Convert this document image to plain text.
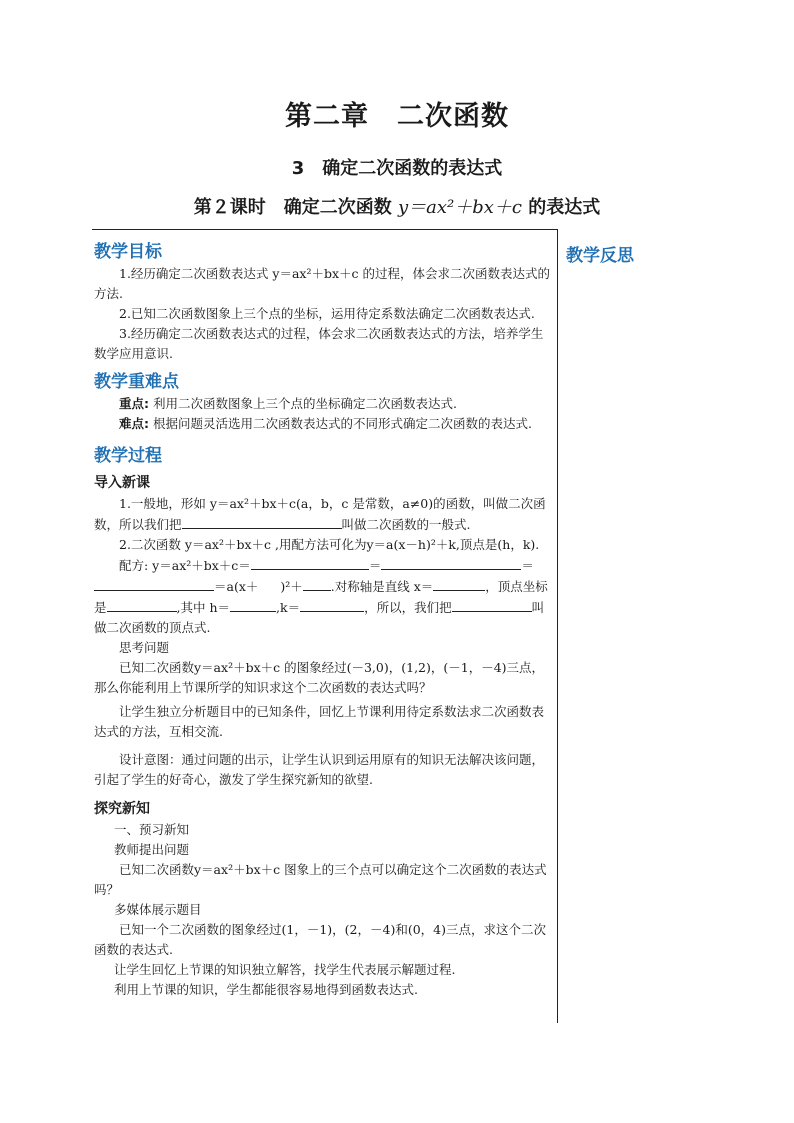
第二章　二次函数
3　确定二次函数的表达式
第２课时　确定二次函数 y＝ax²＋bx＋c 的表达式
教学反思
教学目标

1.经历确定二次函数表达式 y＝ax²＋bx＋c 的过程，体会求二次函数表达式的方法.

2.已知二次函数图象上三个点的坐标，运用待定系数法确定二次函数表达式.

3.经历确定二次函数表达式的过程，体会求二次函数表达式的方法，培养学生数学应用意识.

教学重难点

重点: 利用二次函数图象上三个点的坐标确定二次函数表达式.

难点: 根据问题灵活选用二次函数表达式的不同形式确定二次函数的表达式.

教学过程
导入新课

1.一般地，形如 y＝ax²＋bx＋c(a，b，c 是常数，a≠0)的函数，叫做二次函数，所以我们把	叫做二次函数的一般式.

2.二次函数 y＝ax²＋bx＋c ,用配方法可化为y＝a(x－h)²＋k,顶点是(h，k).

配方: y＝ax²＋bx＋c＝	＝	＝＝a(x＋ )²＋ .对称轴是直线 x＝	，顶点坐标是	,其中 h＝	,k＝	，所以，我们把	叫做二次函数的顶点式.

思考问题

已知二次函数y＝ax²＋bx＋c 的图象经过(－3,0)，(1,2)，(－1，－4)三点，那么你能利用上节课所学的知识求这个二次函数的表达式吗？

让学生独立分析题目中的已知条件，回忆上节课利用待定系数法求二次函数表达式的方法，互相交流.

设计意图：通过问题的出示，让学生认识到运用原有的知识无法解决该问题，引起了学生的好奇心，激发了学生探究新知的欲望.

探究新知

一、预习新知

教师提出问题

已知二次函数y＝ax²＋bx＋c 图象上的三个点可以确定这个二次函数的表达式吗？

多媒体展示题目

已知一个二次函数的图象经过(1，－1)，(2，－4)和(0，4)三点，求这个二次函数的表达式.

让学生回忆上节课的知识独立解答，找学生代表展示解题过程.

利用上节课的知识，学生都能很容易地得到函数表达式.
